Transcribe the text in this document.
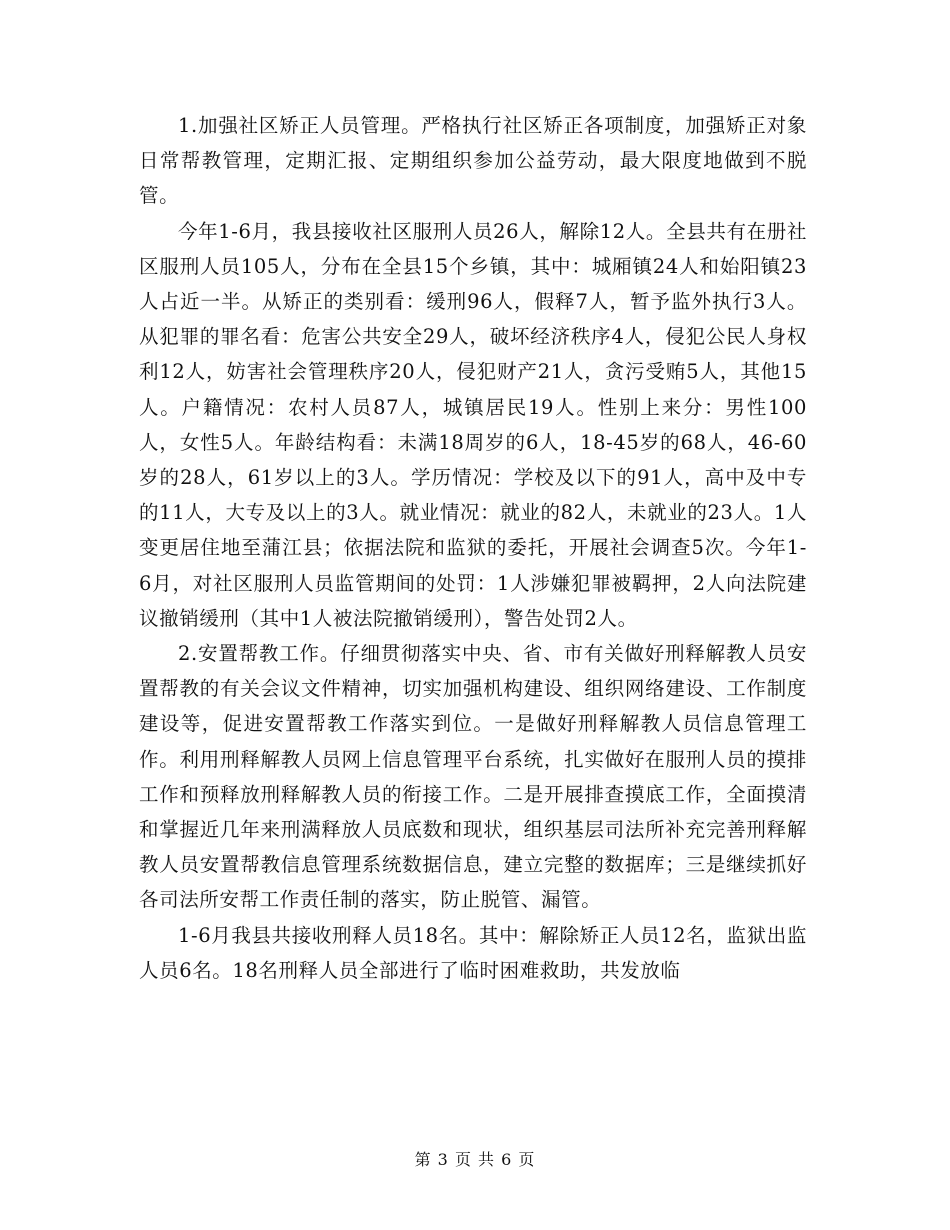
1.加强社区矫正人员管理。严格执行社区矫正各项制度，加强矫正对象日常帮教管理，定期汇报、定期组织参加公益劳动，最大限度地做到不脱管。

今年1-6月，我县接收社区服刑人员26人，解除12人。全县共有在册社区服刑人员105人，分布在全县15个乡镇，其中：城厢镇24人和始阳镇23人占近一半。从矫正的类别看：缓刑96人，假释7人，暂予监外执行3人。从犯罪的罪名看：危害公共安全29人，破坏经济秩序4人，侵犯公民人身权利12人，妨害社会管理秩序20人，侵犯财产21人，贪污受贿5人，其他15人。户籍情况：农村人员87人，城镇居民19人。性别上来分：男性100人，女性5人。年龄结构看：未满18周岁的6人，18-45岁的68人，46-60岁的28人，61岁以上的3人。学历情况：学校及以下的91人，高中及中专的11人，大专及以上的3人。就业情况：就业的82人，未就业的23人。1人变更居住地至蒲江县；依据法院和监狱的委托，开展社会调查5次。今年1-6月，对社区服刑人员监管期间的处罚：1人涉嫌犯罪被羁押，2人向法院建议撤销缓刑（其中1人被法院撤销缓刑），警告处罚2人。

2.安置帮教工作。仔细贯彻落实中央、省、市有关做好刑释解教人员安置帮教的有关会议文件精神，切实加强机构建设、组织网络建设、工作制度建设等，促进安置帮教工作落实到位。一是做好刑释解教人员信息管理工作。利用刑释解教人员网上信息管理平台系统，扎实做好在服刑人员的摸排工作和预释放刑释解教人员的衔接工作。二是开展排查摸底工作，全面摸清和掌握近几年来刑满释放人员底数和现状，组织基层司法所补充完善刑释解教人员安置帮教信息管理系统数据信息，建立完整的数据库；三是继续抓好各司法所安帮工作责任制的落实，防止脱管、漏管。

1-6月我县共接收刑释人员18名。其中：解除矫正人员12名，监狱出监人员6名。18名刑释人员全部进行了临时困难救助，共发放临

第 3 页 共 6 页
